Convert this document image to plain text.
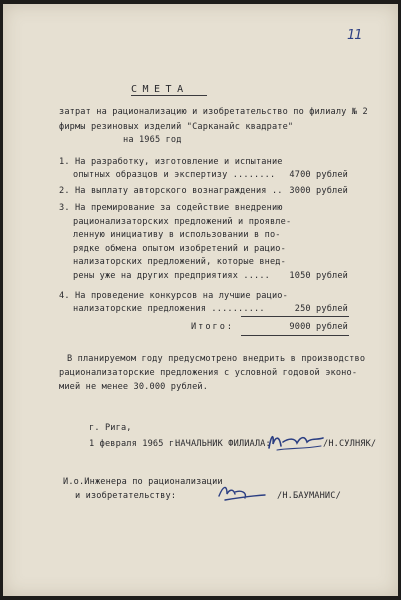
11
СМЕТА
затрат на рационализацию и изобретательство по филиалу № 2
фирмы резиновых изделий "Сарканайс квадрате"
на 1965 год
1. На разработку, изготовление и испытание
опытных образцов и экспертизу ........ 4700 рублей
2. На выплату авторского вознаграждения .. 3000 рублей
3. На премирование за содействие внедрению
рационализаторских предложений и проявле-
ленную инициативу в использовании в по-
рядке обмена опытом изобретений и рацио-
нализаторских предложений, которые внед-
рены уже на других предприятиях ..... 1050 рублей
4. На проведение конкурсов на лучшие рацио-
нализаторские предложения ..........	250 рублей
Итого:	9000 рублей
В планируемом году предусмотрено внедрить в производство
рационализаторские предложения с условной годовой эконо-
мией не менее 30.000 рублей.
г. Рига,
1 февраля 1965 г.
НАЧАЛЬНИК ФИЛИАЛА:	/Н.СУЛНЯК/
И.о.Инженера по рационализации
и изобретательству:	/Н.БАУМАНИС/
